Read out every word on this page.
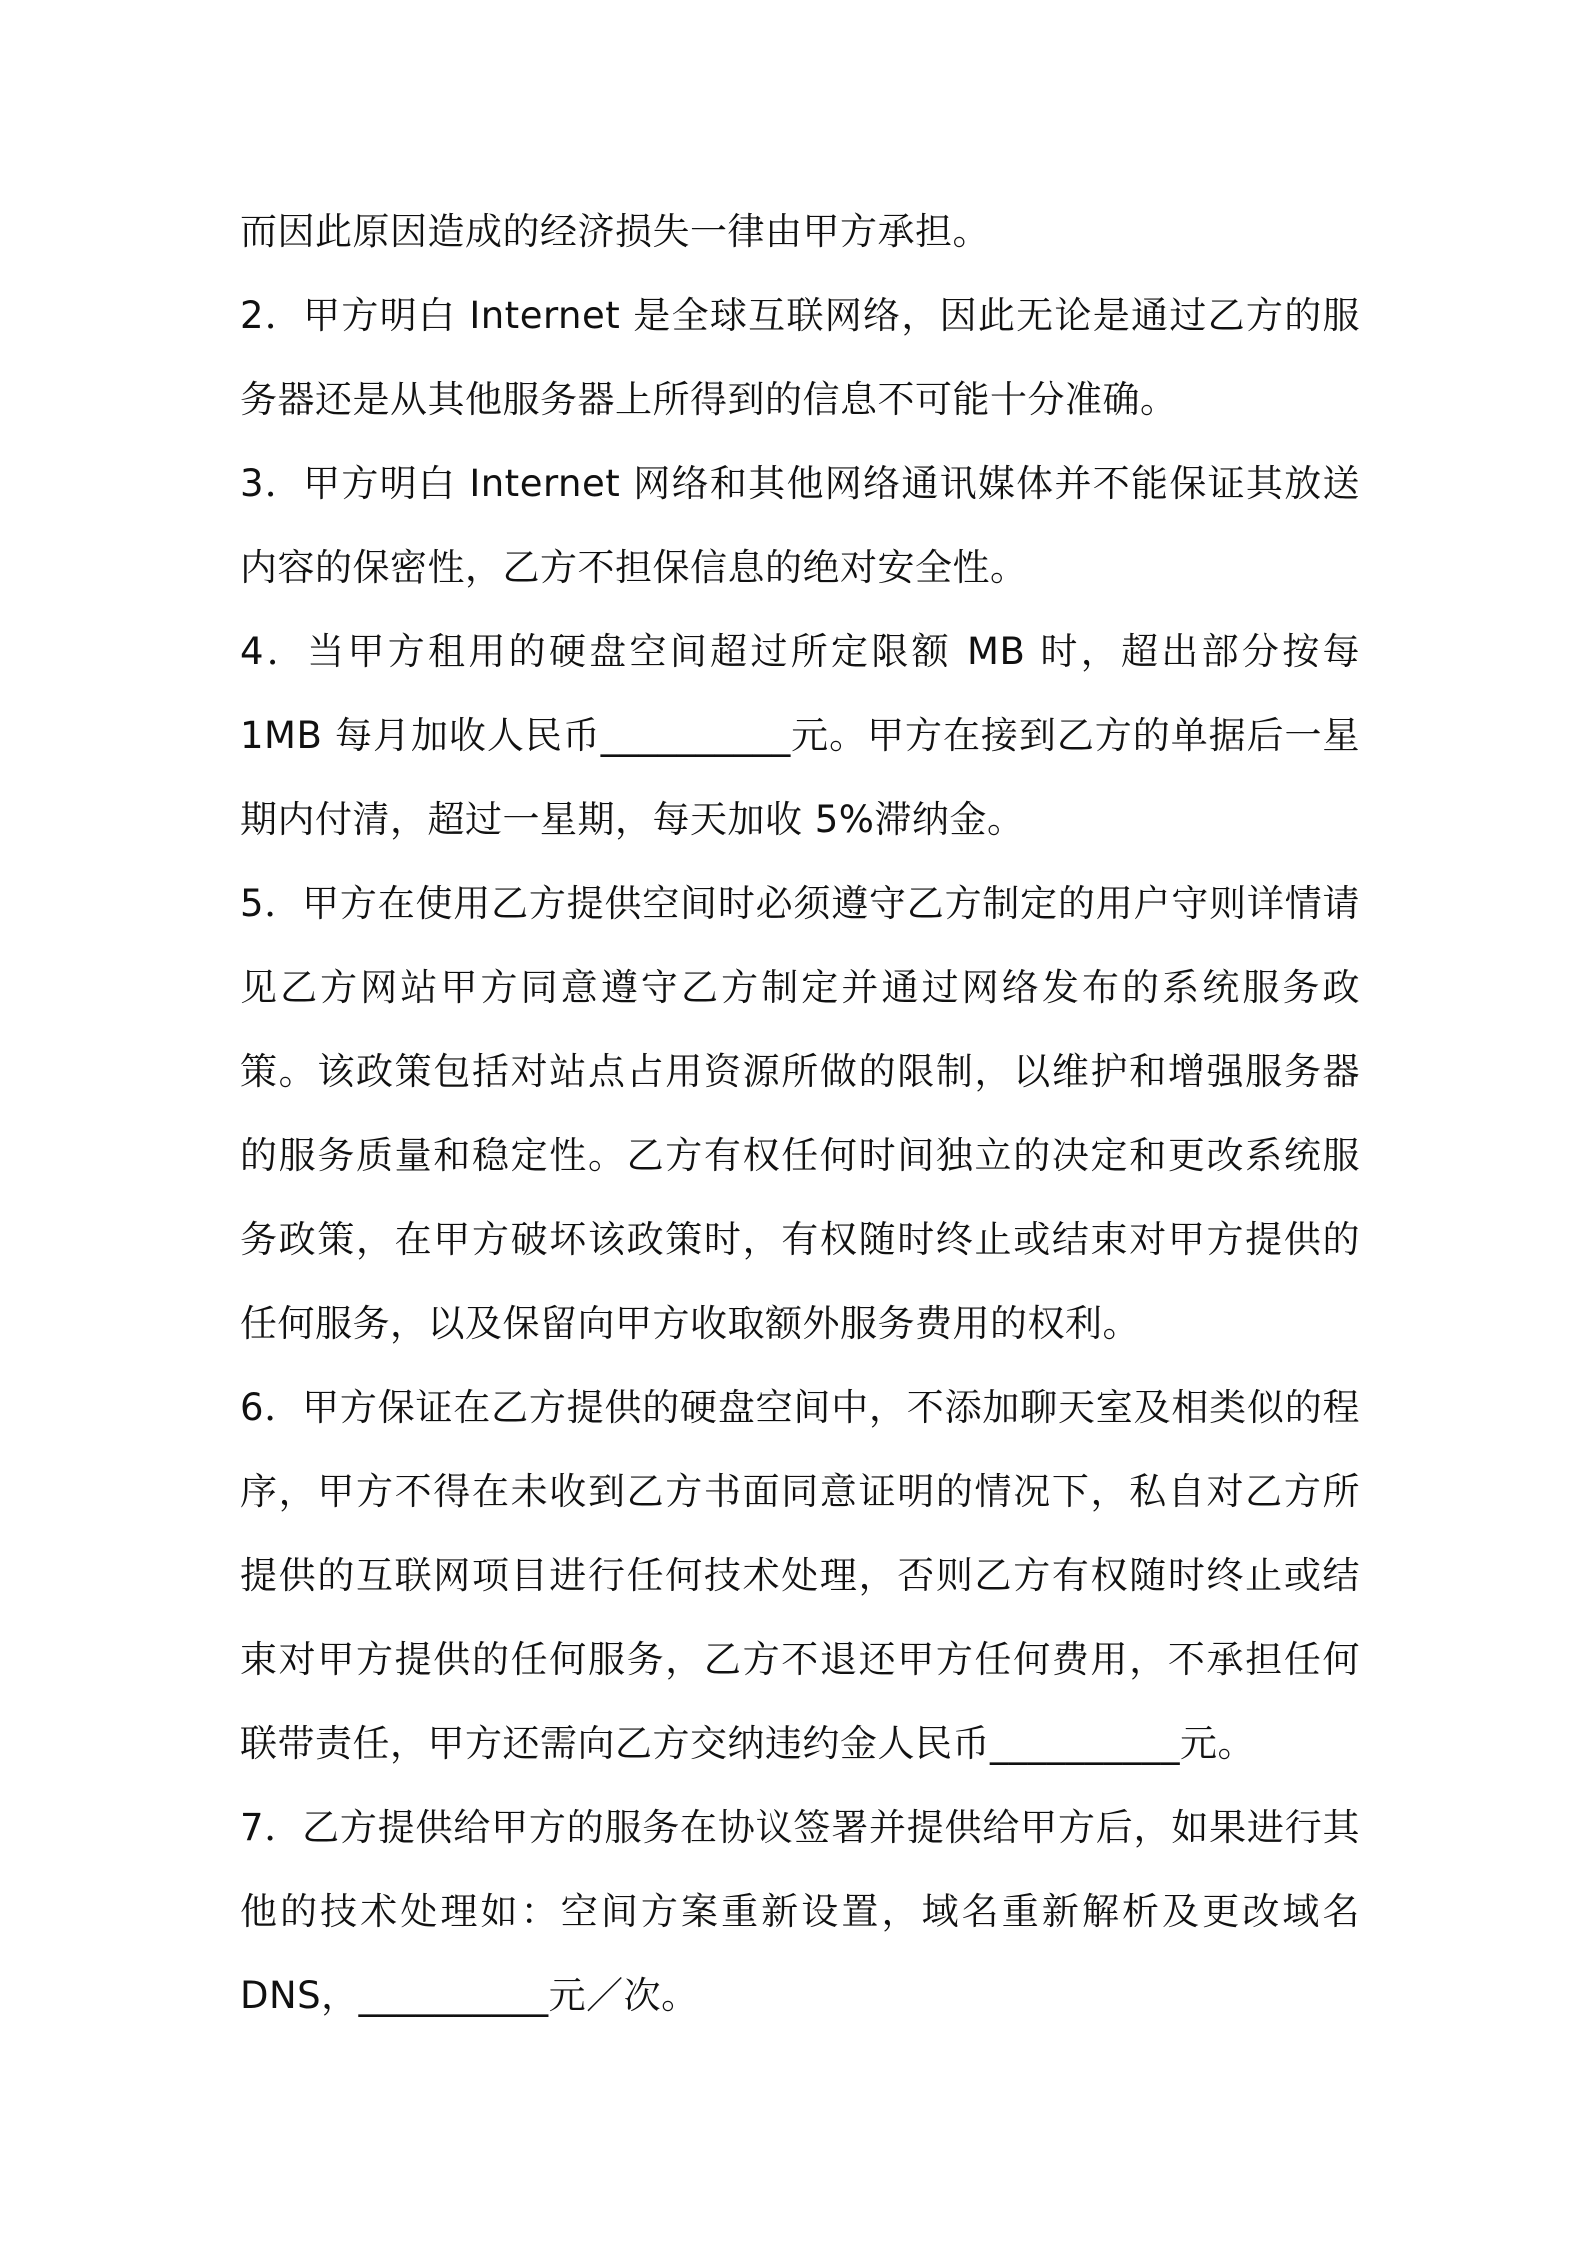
而因此原因造成的经济损失一律由甲方承担。

2．甲方明白 Internet 是全球互联网络，因此无论是通过乙方的服务器还是从其他服务器上所得到的信息不可能十分准确。

3．甲方明白 Internet 网络和其他网络通讯媒体并不能保证其放送内容的保密性，乙方不担保信息的绝对安全性。

4．当甲方租用的硬盘空间超过所定限额 MB 时，超出部分按每 1MB 每月加收人民币__________元。甲方在接到乙方的单据后一星期内付清，超过一星期，每天加收 5%滞纳金。

5．甲方在使用乙方提供空间时必须遵守乙方制定的用户守则详情请见乙方网站甲方同意遵守乙方制定并通过网络发布的系统服务政策。该政策包括对站点占用资源所做的限制，以维护和增强服务器的服务质量和稳定性。乙方有权任何时间独立的决定和更改系统服务政策，在甲方破坏该政策时，有权随时终止或结束对甲方提供的任何服务，以及保留向甲方收取额外服务费用的权利。

6．甲方保证在乙方提供的硬盘空间中，不添加聊天室及相类似的程序，甲方不得在未收到乙方书面同意证明的情况下，私自对乙方所提供的互联网项目进行任何技术处理，否则乙方有权随时终止或结束对甲方提供的任何服务，乙方不退还甲方任何费用，不承担任何联带责任，甲方还需向乙方交纳违约金人民币__________元。

7．乙方提供给甲方的服务在协议签署并提供给甲方后，如果进行其他的技术处理如：空间方案重新设置，域名重新解析及更改域名 DNS，__________元／次。
